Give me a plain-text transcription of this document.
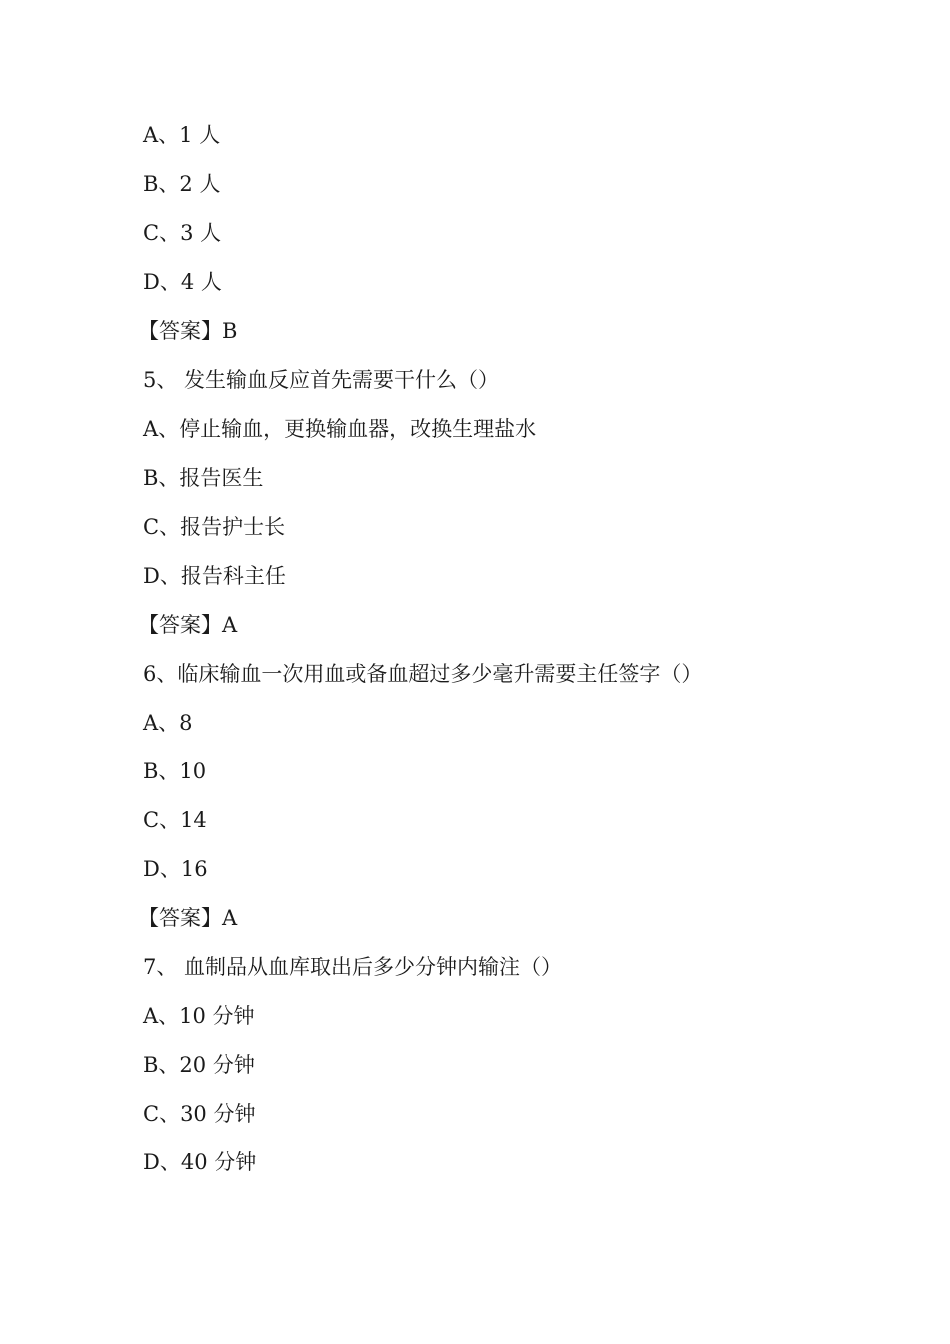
A、1 人
B、2 人
C、3 人
D、4 人
【答案】B
5、 发生输血反应首先需要干什么（）
A、停止输血，更换输血器，改换生理盐水
B、报告医生
C、报告护士长
D、报告科主任
【答案】A
6、临床输血一次用血或备血超过多少毫升需要主任签字（）
A、8
B、10
C、14
D、16
【答案】A
7、 血制品从血库取出后多少分钟内输注（）
A、10 分钟
B、20 分钟
C、30 分钟
D、40 分钟
